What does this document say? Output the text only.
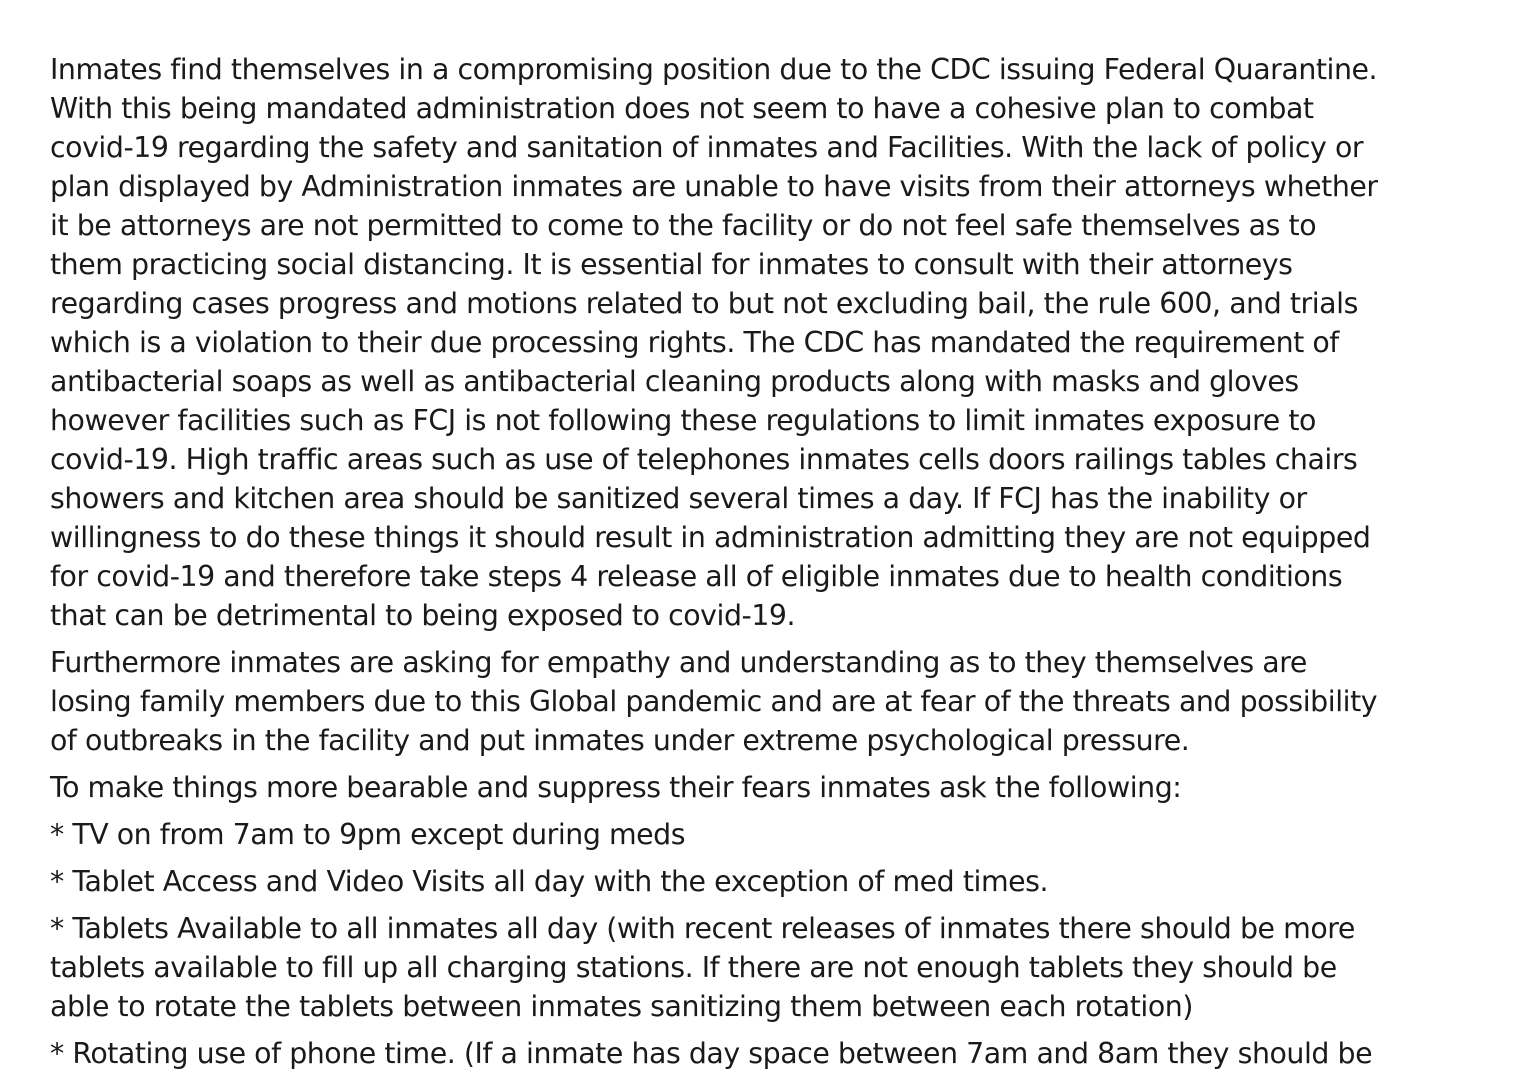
Inmates find themselves in a compromising position due to the CDC issuing Federal Quarantine.
With this being mandated administration does not seem to have a cohesive plan to combat
covid-19 regarding the safety and sanitation of inmates and Facilities. With the lack of policy or
plan displayed by Administration inmates are unable to have visits from their attorneys whether
it be attorneys are not permitted to come to the facility or do not feel safe themselves as to
them practicing social distancing. It is essential for inmates to consult with their attorneys
regarding cases progress and motions related to but not excluding bail, the rule 600, and trials
which is a violation to their due processing rights. The CDC has mandated the requirement of
antibacterial soaps as well as antibacterial cleaning products along with masks and gloves
however facilities such as FCJ is not following these regulations to limit inmates exposure to
covid-19. High traffic areas such as use of telephones inmates cells doors railings tables chairs
showers and kitchen area should be sanitized several times a day. If FCJ has the inability or
willingness to do these things it should result in administration admitting they are not equipped
for covid-19 and therefore take steps 4 release all of eligible inmates due to health conditions
that can be detrimental to being exposed to covid-19.
Furthermore inmates are asking for empathy and understanding as to they themselves are
losing family members due to this Global pandemic and are at fear of the threats and possibility
of outbreaks in the facility and put inmates under extreme psychological pressure.
To make things more bearable and suppress their fears inmates ask the following:
* TV on from 7am to 9pm except during meds
* Tablet Access and Video Visits all day with the exception of med times.
* Tablets Available to all inmates all day (with recent releases of inmates there should be more
tablets available to fill up all charging stations. If there are not enough tablets they should be
able to rotate the tablets between inmates sanitizing them between each rotation)
* Rotating use of phone time. (If a inmate has day space between 7am and 8am they should be
